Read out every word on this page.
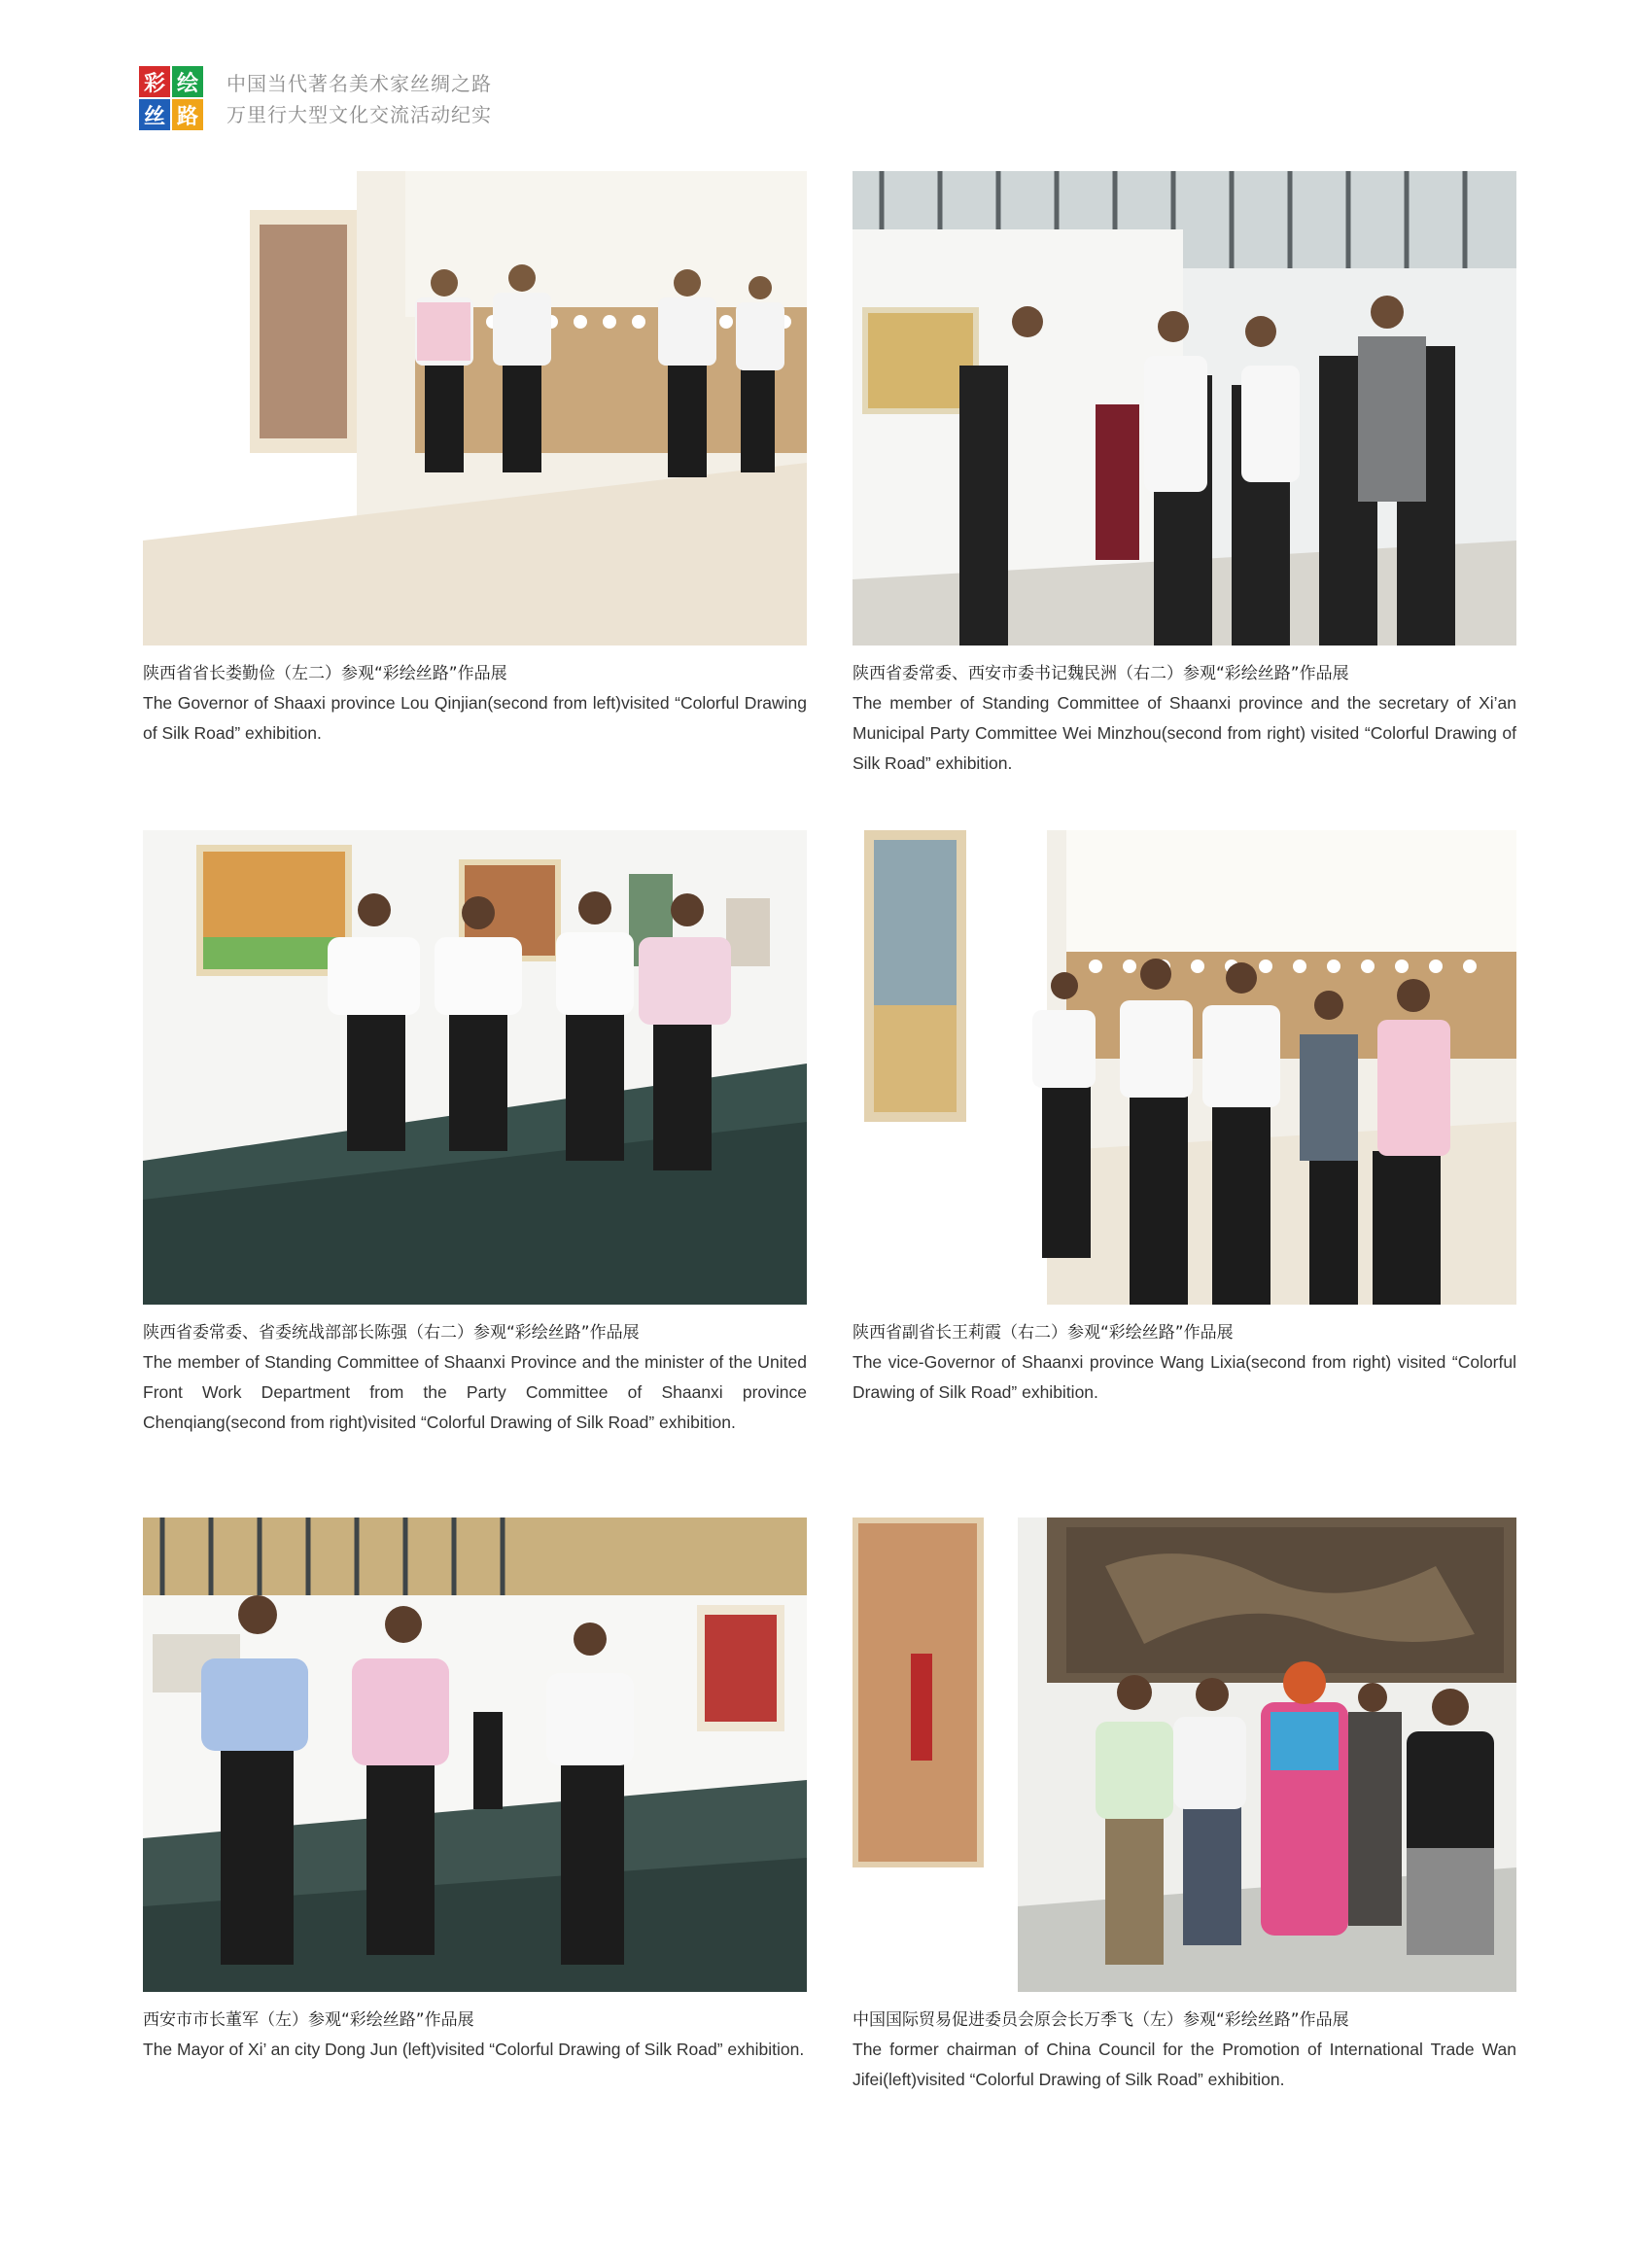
彩 绘
丝 路
中国当代著名美术家丝绸之路
万里行大型文化交流活动纪实
陕西省省长娄勤俭（左二）参观“彩绘丝路”作品展
The Governor of Shaaxi province Lou Qinjian(second from left)visited “Colorful Drawing of Silk Road” exhibition.
陕西省委常委、西安市委书记魏民洲（右二）参观“彩绘丝路”作品展
The member of Standing Committee of Shaanxi province and the secretary of Xi’an Municipal Party Committee Wei Minzhou(second from right) visited “Colorful Drawing of Silk Road” exhibition.
陕西省委常委、省委统战部部长陈强（右二）参观“彩绘丝路”作品展
The member of Standing Committee of Shaanxi Province and the minister of the United Front Work Department from the Party Committee of Shaanxi province Chenqiang(second from right)visited “Colorful Drawing of Silk Road” exhibition.
陕西省副省长王莉霞（右二）参观“彩绘丝路”作品展
The vice-Governor of Shaanxi province Wang Lixia(second from right) visited “Colorful Drawing of Silk Road” exhibition.
西安市市长董军（左）参观“彩绘丝路”作品展
The Mayor of Xi’ an city Dong Jun (left)visited “Colorful Drawing of Silk Road” exhibition.
中国国际贸易促进委员会原会长万季飞（左）参观“彩绘丝路”作品展
The former chairman of China Council for the Promotion of International Trade Wan Jifei(left)visited “Colorful Drawing of Silk Road” exhibition.
